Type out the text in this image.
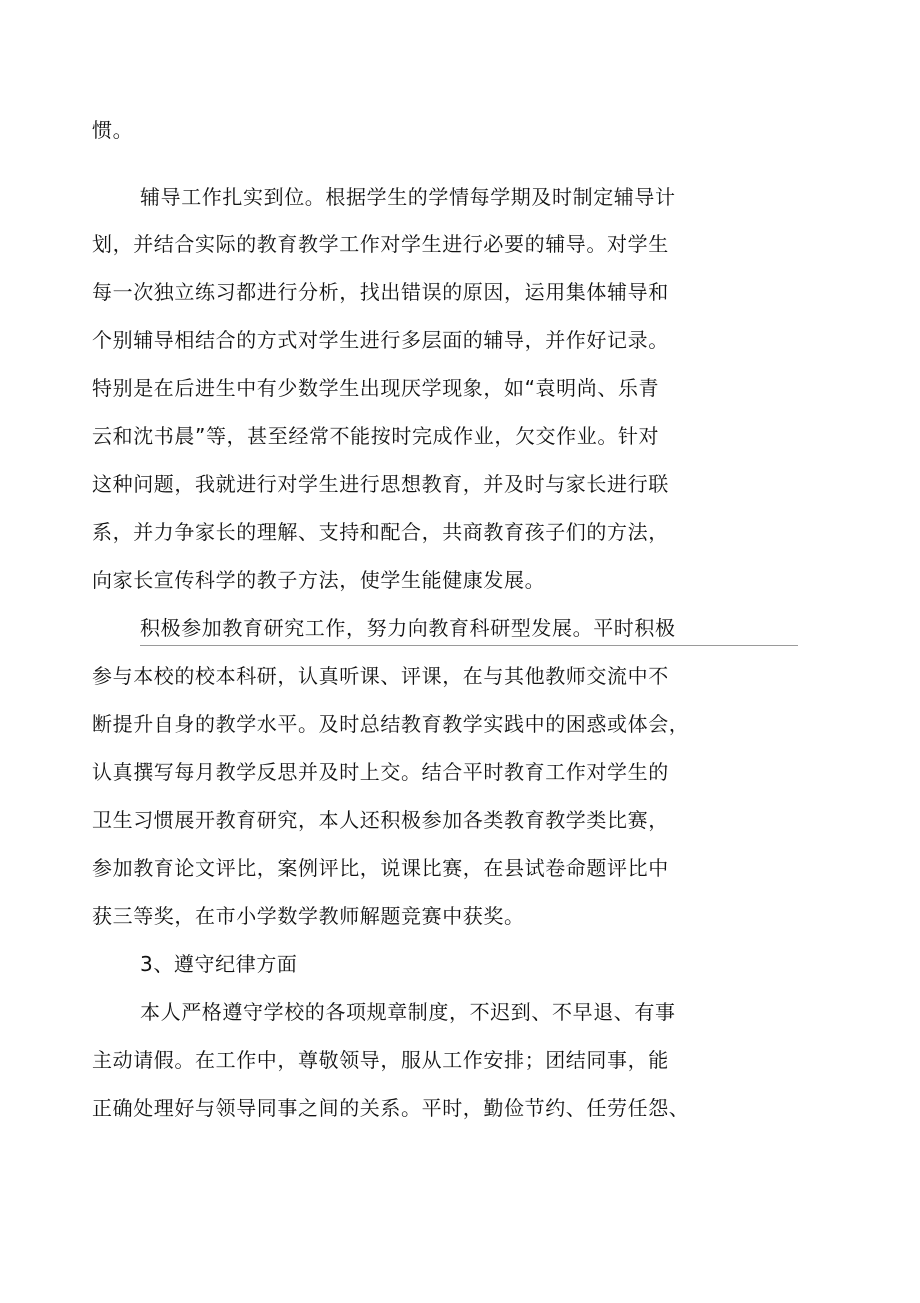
惯。
辅导工作扎实到位。根据学生的学情每学期及时制定辅导计
划，并结合实际的教育教学工作对学生进行必要的辅导。对学生
每一次独立练习都进行分析，找出错误的原因，运用集体辅导和
个别辅导相结合的方式对学生进行多层面的辅导，并作好记录。
特别是在后进生中有少数学生出现厌学现象，如“袁明尚、乐青
云和沈书晨”等，甚至经常不能按时完成作业，欠交作业。针对
这种问题，我就进行对学生进行思想教育，并及时与家长进行联
系，并力争家长的理解、支持和配合，共商教育孩子们的方法，
向家长宣传科学的教子方法，使学生能健康发展。
积极参加教育研究工作，努力向教育科研型发展。平时积极
参与本校的校本科研，认真听课、评课，在与其他教师交流中不
断提升自身的教学水平。及时总结教育教学实践中的困惑或体会，
认真撰写每月教学反思并及时上交。结合平时教育工作对学生的
卫生习惯展开教育研究，本人还积极参加各类教育教学类比赛，
参加教育论文评比，案例评比，说课比赛，在县试卷命题评比中
获三等奖，在市小学数学教师解题竞赛中获奖。
3、遵守纪律方面
本人严格遵守学校的各项规章制度，不迟到、不早退、有事
主动请假。在工作中，尊敬领导，服从工作安排；团结同事，能
正确处理好与领导同事之间的关系。平时，勤俭节约、任劳任怨、
